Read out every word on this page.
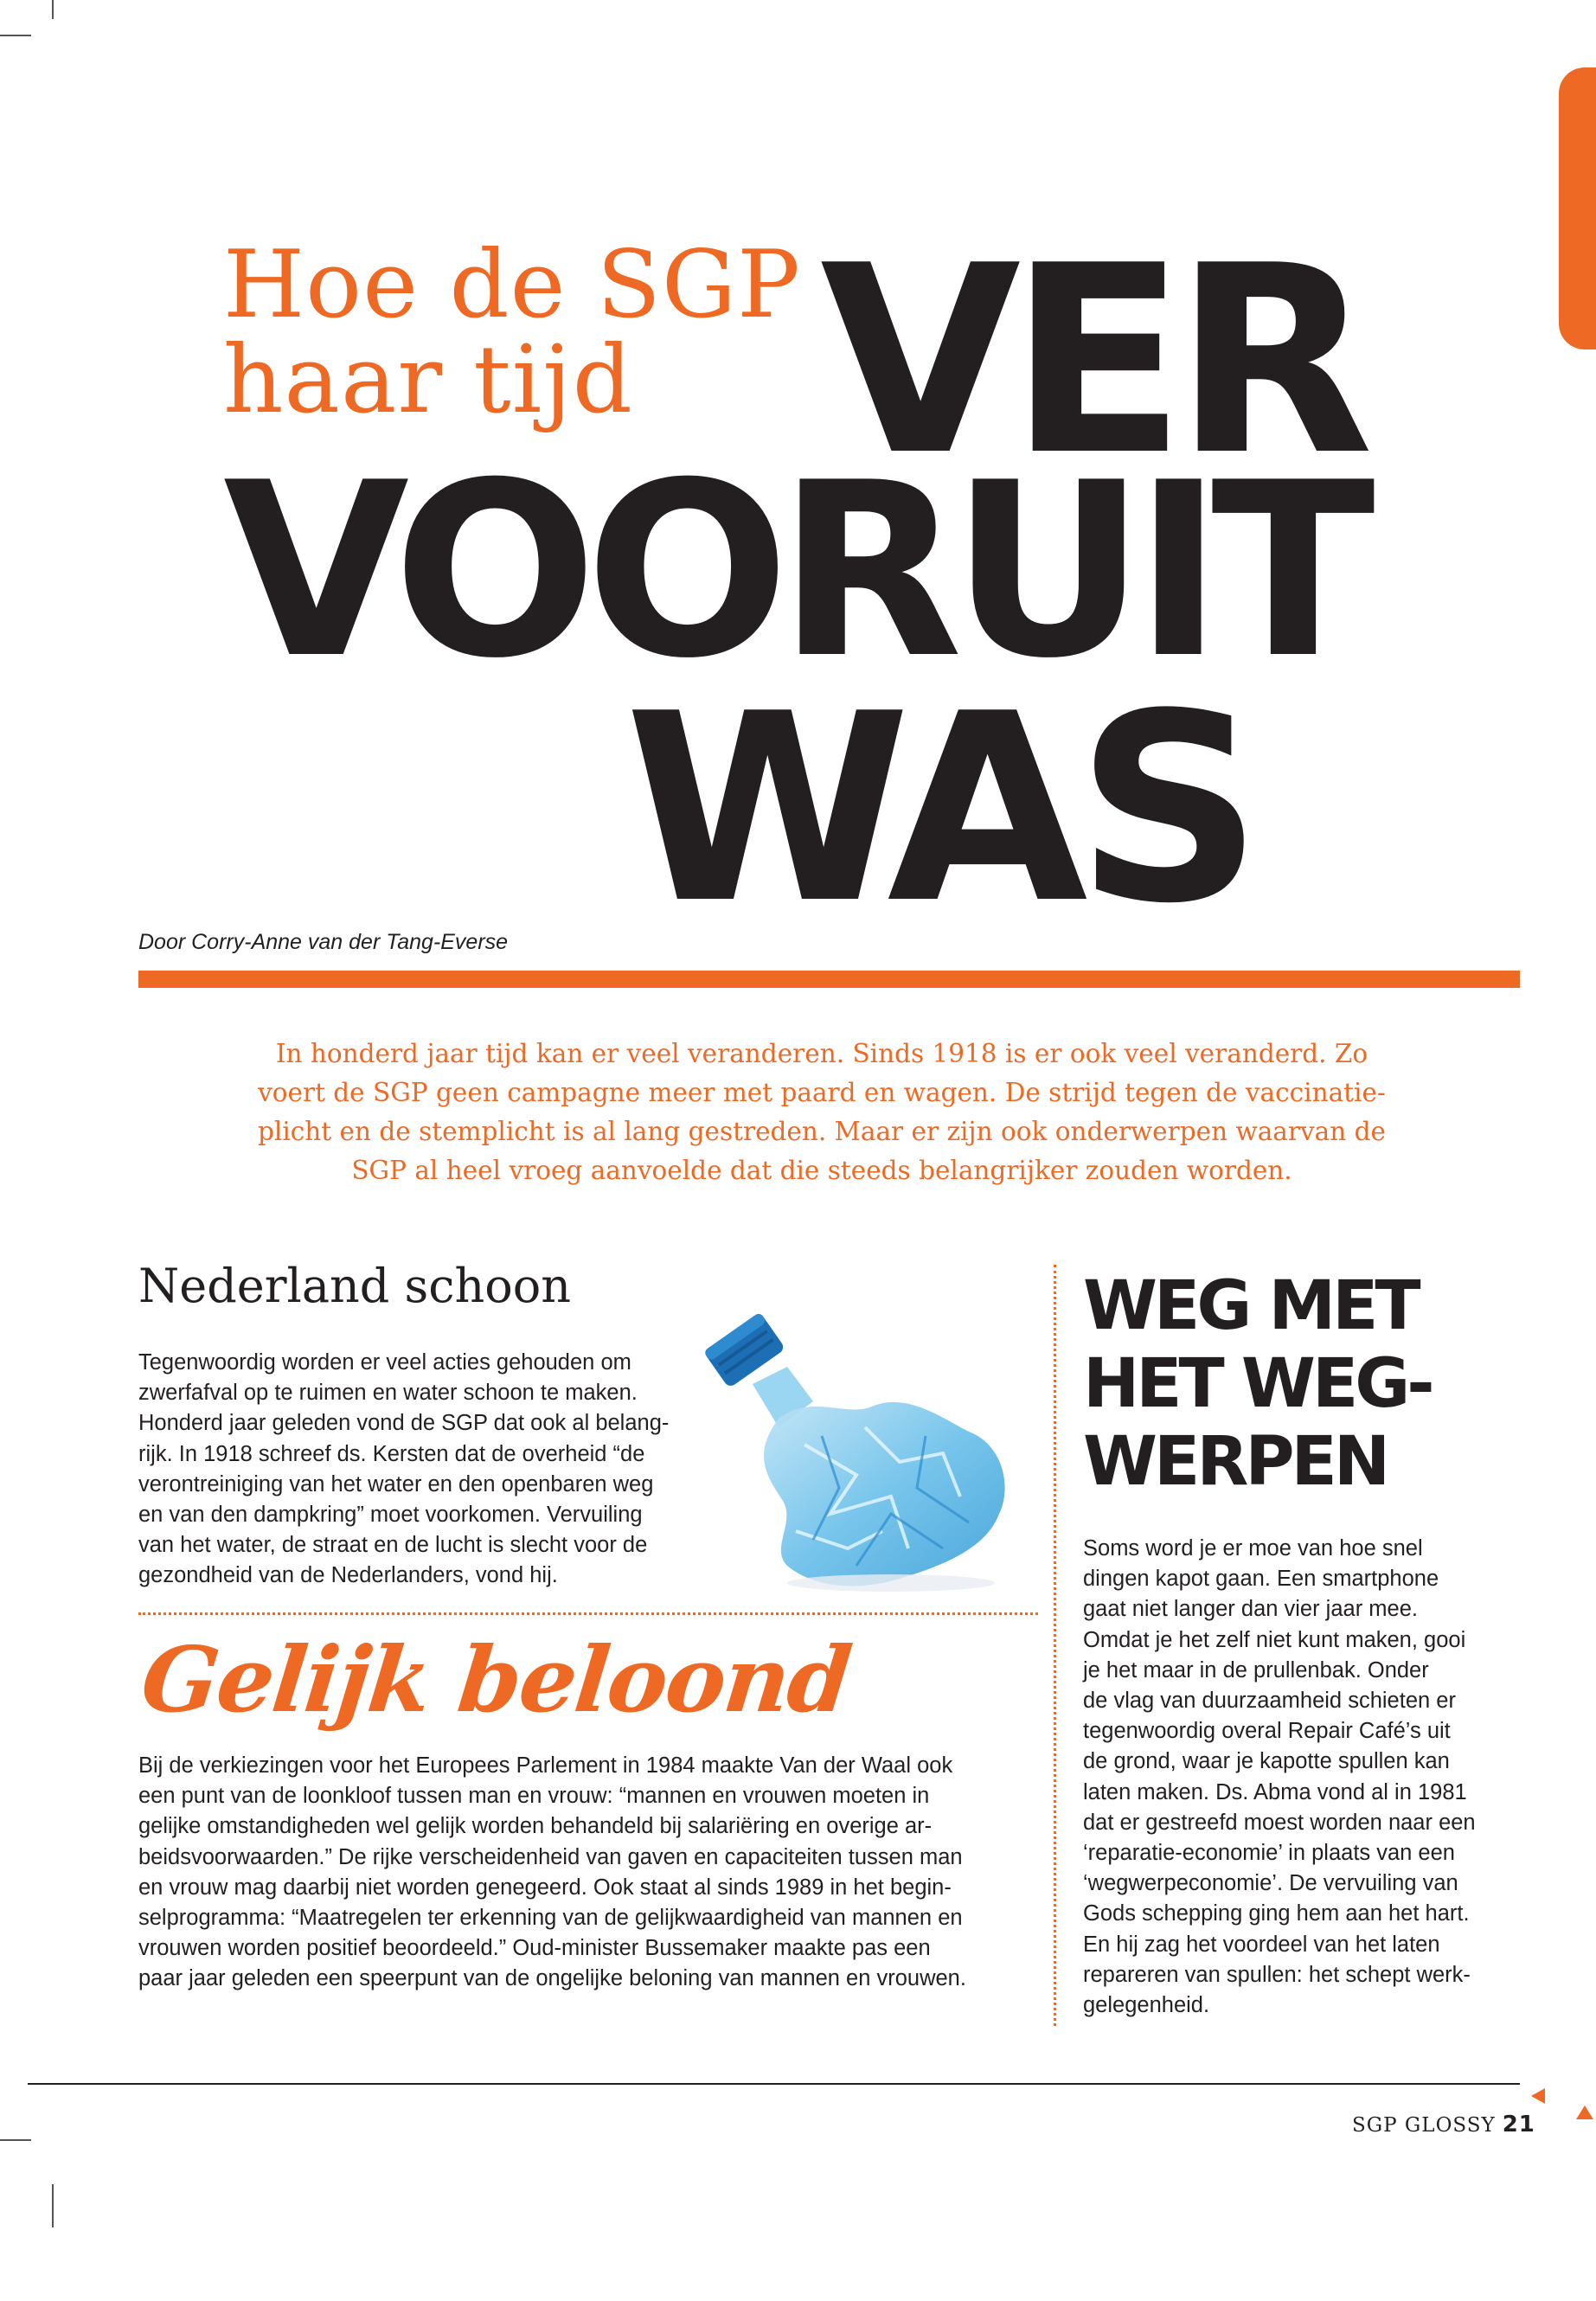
Hoe de SGP
haar tijd VER
VOORUIT
WAS
Door Corry-Anne van der Tang-Everse
In honderd jaar tijd kan er veel veranderen. Sinds 1918 is er ook veel veranderd. Zo
voert de SGP geen campagne meer met paard en wagen. De strijd tegen de vaccinatie-
plicht en de stemplicht is al lang gestreden. Maar er zijn ook onderwerpen waarvan de
SGP al heel vroeg aanvoelde dat die steeds belangrijker zouden worden.
Nederland schoon
Tegenwoordig worden er veel acties gehouden om
zwerfafval op te ruimen en water schoon te maken.
Honderd jaar geleden vond de SGP dat ook al belang-
rijk. In 1918 schreef ds. Kersten dat de overheid “de
verontreiniging van het water en den openbaren weg
en van den dampkring” moet voorkomen. Vervuiling
van het water, de straat en de lucht is slecht voor de
gezondheid van de Nederlanders, vond hij.
Gelijk beloond
Bij de verkiezingen voor het Europees Parlement in 1984 maakte Van der Waal ook
een punt van de loonkloof tussen man en vrouw: “mannen en vrouwen moeten in
gelijke omstandigheden wel gelijk worden behandeld bij salariëring en overige ar-
beidsvoorwaarden.” De rijke verscheidenheid van gaven en capaciteiten tussen man
en vrouw mag daarbij niet worden genegeerd. Ook staat al sinds 1989 in het begin-
selprogramma: “Maatregelen ter erkenning van de gelijkwaardigheid van mannen en
vrouwen worden positief beoordeeld.” Oud-minister Bussemaker maakte pas een
paar jaar geleden een speerpunt van de ongelijke beloning van mannen en vrouwen.
WEG MET
HET WEG-
WERPEN
Soms word je er moe van hoe snel
dingen kapot gaan. Een smartphone
gaat niet langer dan vier jaar mee.
Omdat je het zelf niet kunt maken, gooi
je het maar in de prullenbak. Onder
de vlag van duurzaamheid schieten er
tegenwoordig overal Repair Café’s uit
de grond, waar je kapotte spullen kan
laten maken. Ds. Abma vond al in 1981
dat er gestreefd moest worden naar een
‘reparatie-economie’ in plaats van een
‘wegwerpeconomie’. De vervuiling van
Gods schepping ging hem aan het hart.
En hij zag het voordeel van het laten
repareren van spullen: het schept werk-
gelegenheid.
SGP GLOSSY 21
